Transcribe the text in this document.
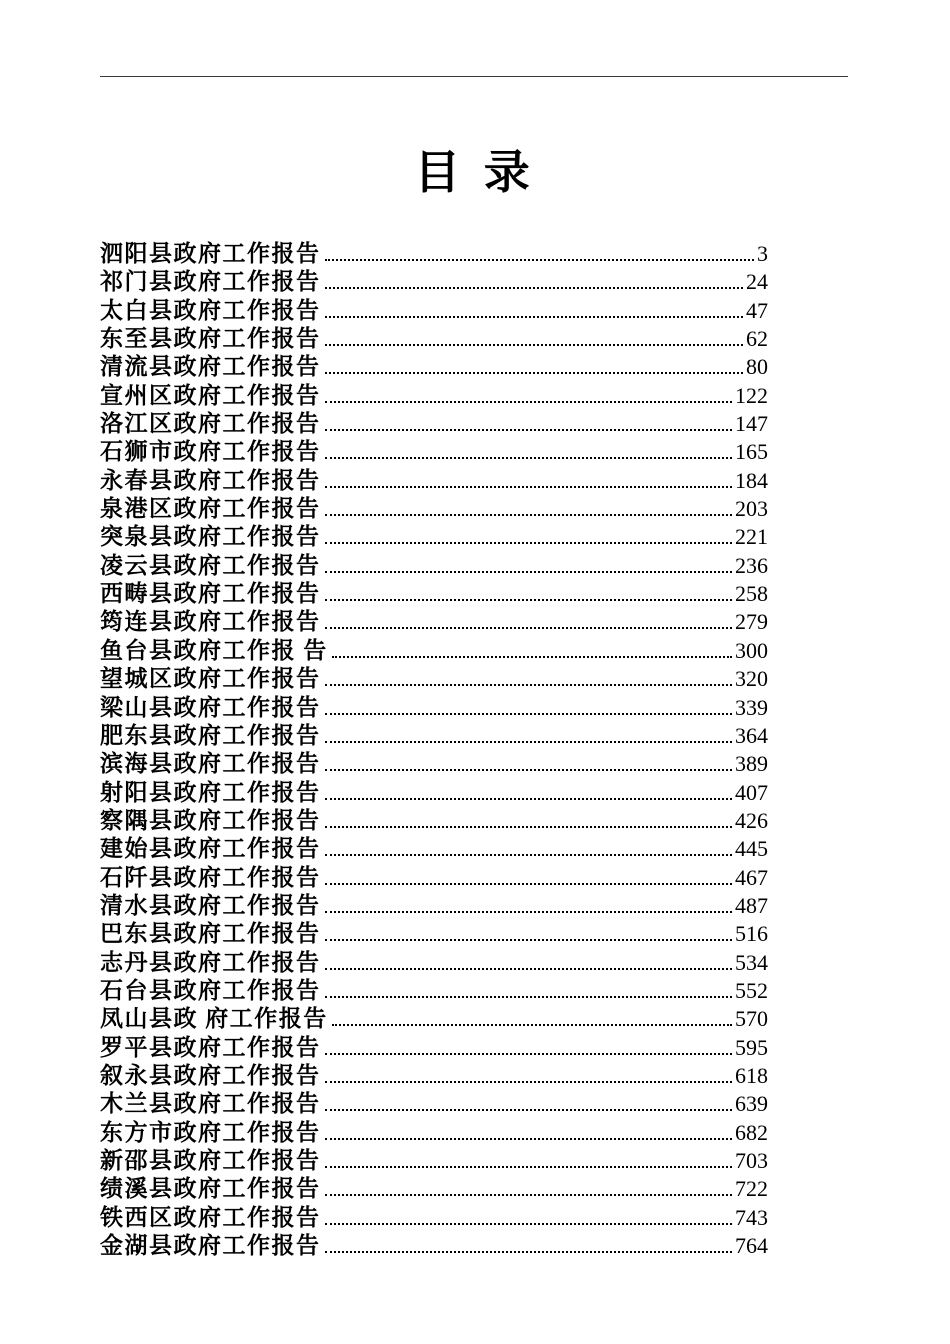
目 录
泗阳县政府工作报告	3
祁门县政府工作报告	24
太白县政府工作报告	47
东至县政府工作报告	62
清流县政府工作报告	80
宣州区政府工作报告	122
洛江区政府工作报告	147
石狮市政府工作报告	165
永春县政府工作报告	184
泉港区政府工作报告	203
突泉县政府工作报告	221
凌云县政府工作报告	236
西畴县政府工作报告	258
筠连县政府工作报告	279
鱼台县政府工作报 告	300
望城区政府工作报告	320
梁山县政府工作报告	339
肥东县政府工作报告	364
滨海县政府工作报告	389
射阳县政府工作报告	407
察隅县政府工作报告	426
建始县政府工作报告	445
石阡县政府工作报告	467
清水县政府工作报告	487
巴东县政府工作报告	516
志丹县政府工作报告	534
石台县政府工作报告	552
凤山县政 府工作报告	570
罗平县政府工作报告	595
叙永县政府工作报告	618
木兰县政府工作报告	639
东方市政府工作报告	682
新邵县政府工作报告	703
绩溪县政府工作报告	722
铁西区政府工作报告	743
金湖县政府工作报告	764
